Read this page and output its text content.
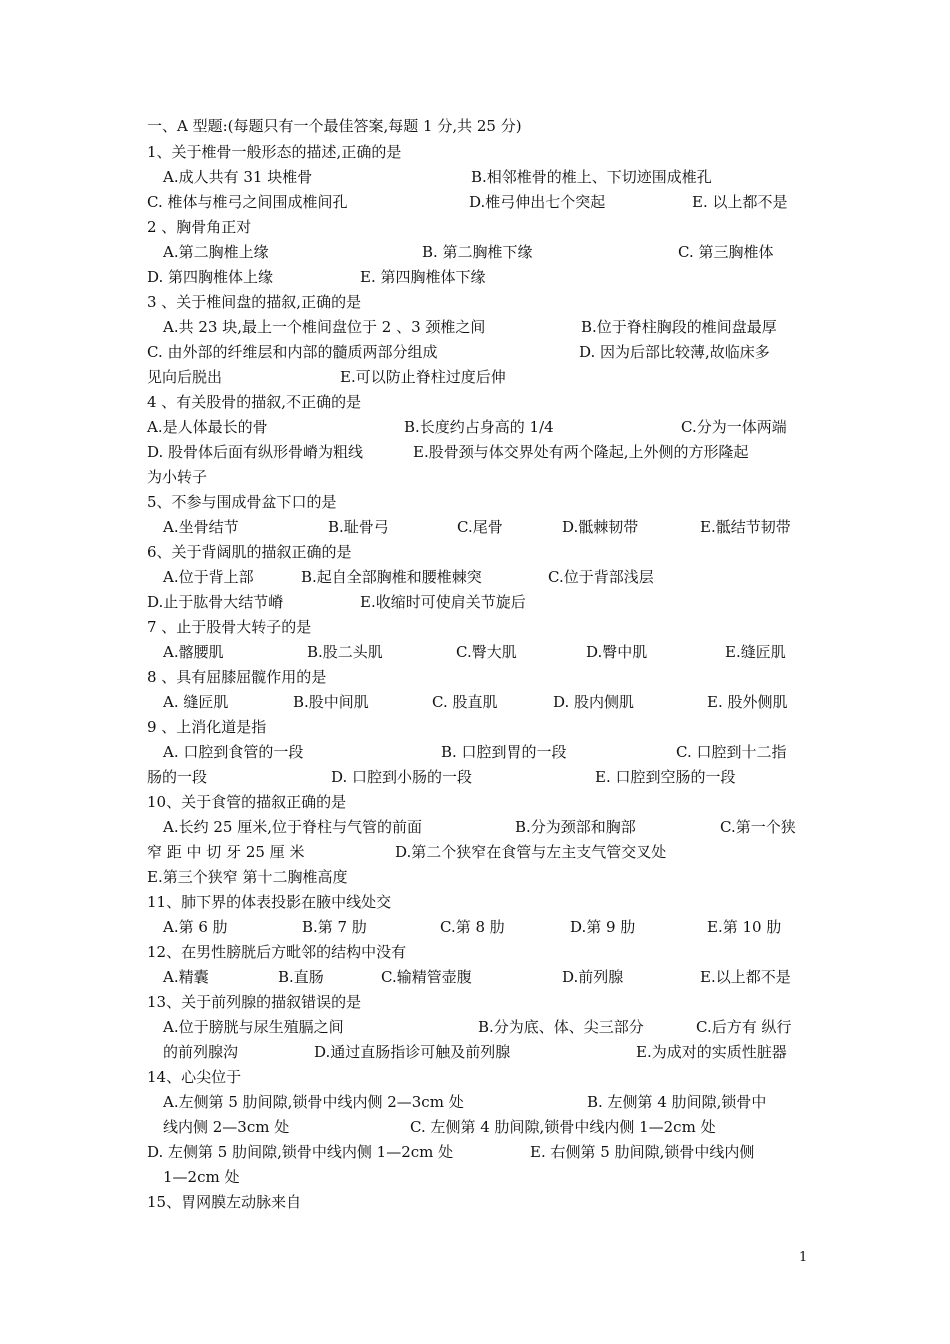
一、A 型题:(每题只有一个最佳答案,每题 1 分,共 25 分)
1、关于椎骨一般形态的描述,正确的是
A.成人共有 31 块椎骨	B.相邻椎骨的椎上、下切迹围成椎孔
C. 椎体与椎弓之间围成椎间孔	D.椎弓伸出七个突起	E. 以上都不是
2 、胸骨角正对
A.第二胸椎上缘	B. 第二胸椎下缘	C. 第三胸椎体
D. 第四胸椎体上缘	E. 第四胸椎体下缘
3 、关于椎间盘的描叙,正确的是
A.共 23 块,最上一个椎间盘位于 2 、3 颈椎之间	B.位于脊柱胸段的椎间盘最厚
C. 由外部的纤维层和内部的髓质两部分组成	D. 因为后部比较薄,故临床多
见向后脱出	E.可以防止脊柱过度后伸
4 、有关股骨的描叙,不正确的是
A.是人体最长的骨	B.长度约占身高的 1/4	C.分为一体两端
D. 股骨体后面有纵形骨嵴为粗线	E.股骨颈与体交界处有两个隆起,上外侧的方形隆起
为小转子
5、不参与围成骨盆下口的是
A.坐骨结节	B.耻骨弓	C.尾骨	D.骶棘韧带	E.骶结节韧带
6、关于背阔肌的描叙正确的是
A.位于背上部	B.起自全部胸椎和腰椎棘突	C.位于背部浅层
D.止于肱骨大结节嵴	E.收缩时可使肩关节旋后
7 、止于股骨大转子的是
A.髂腰肌	B.股二头肌	C.臀大肌	D.臀中肌	E.缝匠肌
8 、具有屈膝屈髋作用的是
A. 缝匠肌	B.股中间肌	C. 股直肌	D. 股内侧肌	E. 股外侧肌
9 、上消化道是指
A. 口腔到食管的一段	B. 口腔到胃的一段	C. 口腔到十二指
肠的一段	D. 口腔到小肠的一段	E. 口腔到空肠的一段
10、关于食管的描叙正确的是
A.长约 25 厘米,位于脊柱与气管的前面	B.分为颈部和胸部	C.第一个狭
窄 距 中 切 牙 25 厘 米	D.第二个狭窄在食管与左主支气管交叉处
E.第三个狭窄 第十二胸椎高度
11、肺下界的体表投影在腋中线处交
A.第 6 肋	B.第 7 肋	C.第 8 肋	D.第 9 肋	E.第 10 肋
12、在男性膀胱后方毗邻的结构中没有
A.精囊	B.直肠	C.输精管壶腹	D.前列腺	E.以上都不是
13、关于前列腺的描叙错误的是
A.位于膀胱与尿生殖膈之间	B.分为底、体、尖三部分	C.后方有 纵行
的前列腺沟	D.通过直肠指诊可触及前列腺	E.为成对的实质性脏器
14、心尖位于
A.左侧第 5 肋间隙,锁骨中线内侧 2—3cm 处	B. 左侧第 4 肋间隙,锁骨中
线内侧 2—3cm 处	C. 左侧第 4 肋间隙,锁骨中线内侧 1—2cm 处
D. 左侧第 5 肋间隙,锁骨中线内侧 1—2cm 处	E. 右侧第 5 肋间隙,锁骨中线内侧
1—2cm 处
15、胃网膜左动脉来自
1
